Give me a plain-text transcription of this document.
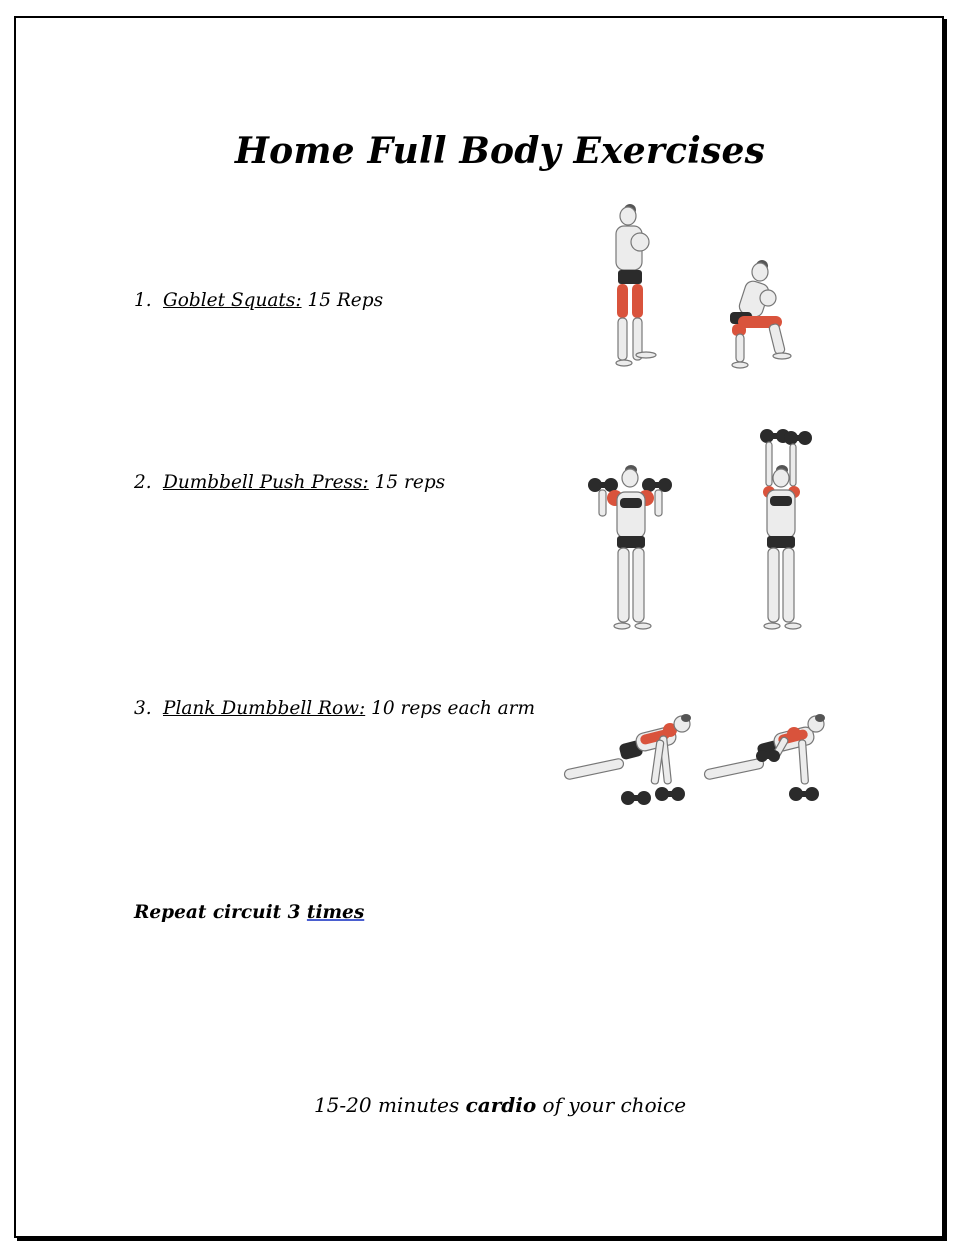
Home Full Body Exercises
1. Goblet Squats: 15 Reps
2. Dumbbell Push Press: 15 reps
3. Plank Dumbbell Row: 10 reps each arm
Repeat circuit 3 times
15-20 minutes cardio of your choice
